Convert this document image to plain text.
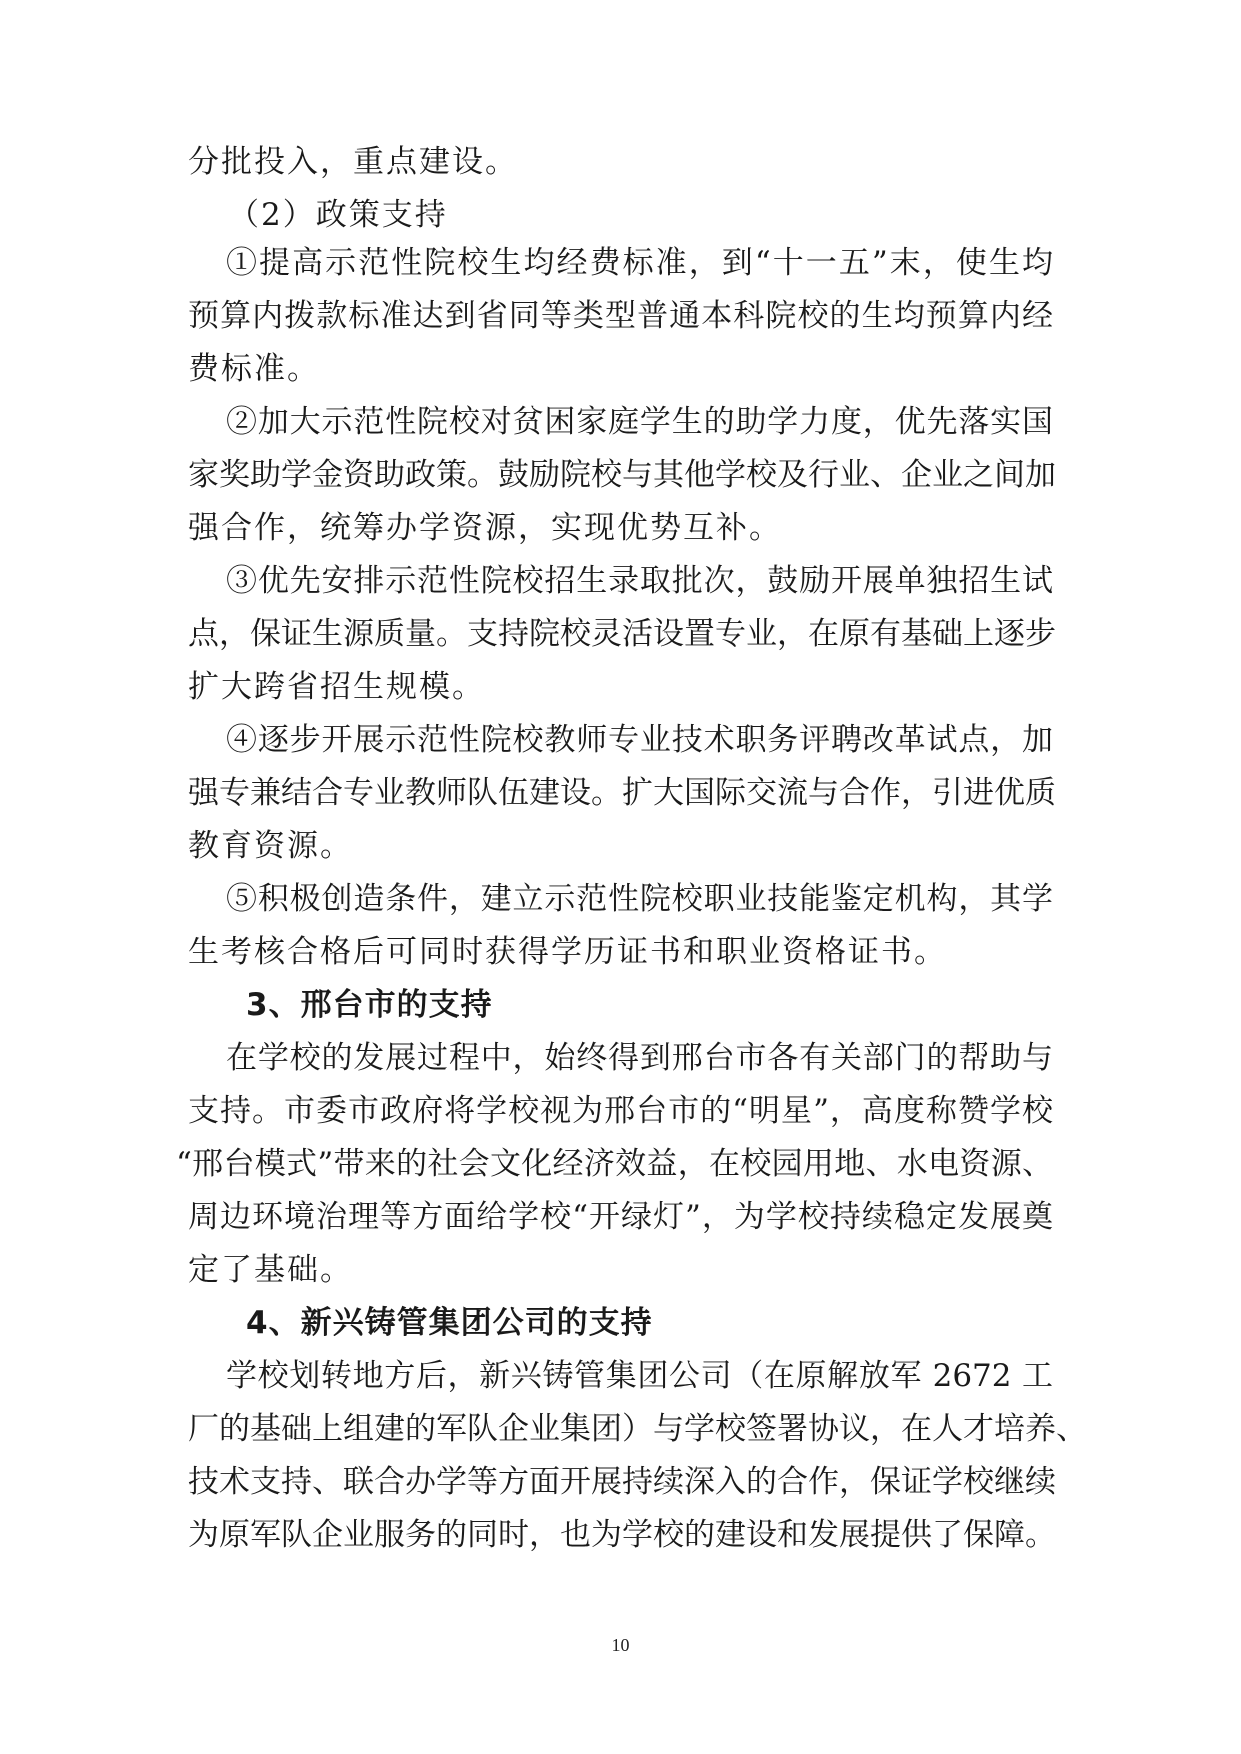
分批投入，重点建设。
（2）政策支持
①提高示范性院校生均经费标准，到“十一五”末，使生均
预算内拨款标准达到省同等类型普通本科院校的生均预算内经
费标准。
②加大示范性院校对贫困家庭学生的助学力度，优先落实国
家奖助学金资助政策。鼓励院校与其他学校及行业、企业之间加
强合作，统筹办学资源，实现优势互补。
③优先安排示范性院校招生录取批次，鼓励开展单独招生试
点，保证生源质量。支持院校灵活设置专业，在原有基础上逐步
扩大跨省招生规模。
④逐步开展示范性院校教师专业技术职务评聘改革试点，加
强专兼结合专业教师队伍建设。扩大国际交流与合作，引进优质
教育资源。
⑤积极创造条件，建立示范性院校职业技能鉴定机构，其学
生考核合格后可同时获得学历证书和职业资格证书。
3、邢台市的支持
在学校的发展过程中，始终得到邢台市各有关部门的帮助与
支持。市委市政府将学校视为邢台市的“明星”，高度称赞学校
“邢台模式”带来的社会文化经济效益，在校园用地、水电资源、
周边环境治理等方面给学校“开绿灯”，为学校持续稳定发展奠
定了基础。
4、新兴铸管集团公司的支持
学校划转地方后，新兴铸管集团公司（在原解放军 2672 工
厂的基础上组建的军队企业集团）与学校签署协议，在人才培养、
技术支持、联合办学等方面开展持续深入的合作，保证学校继续
为原军队企业服务的同时，也为学校的建设和发展提供了保障。
10
